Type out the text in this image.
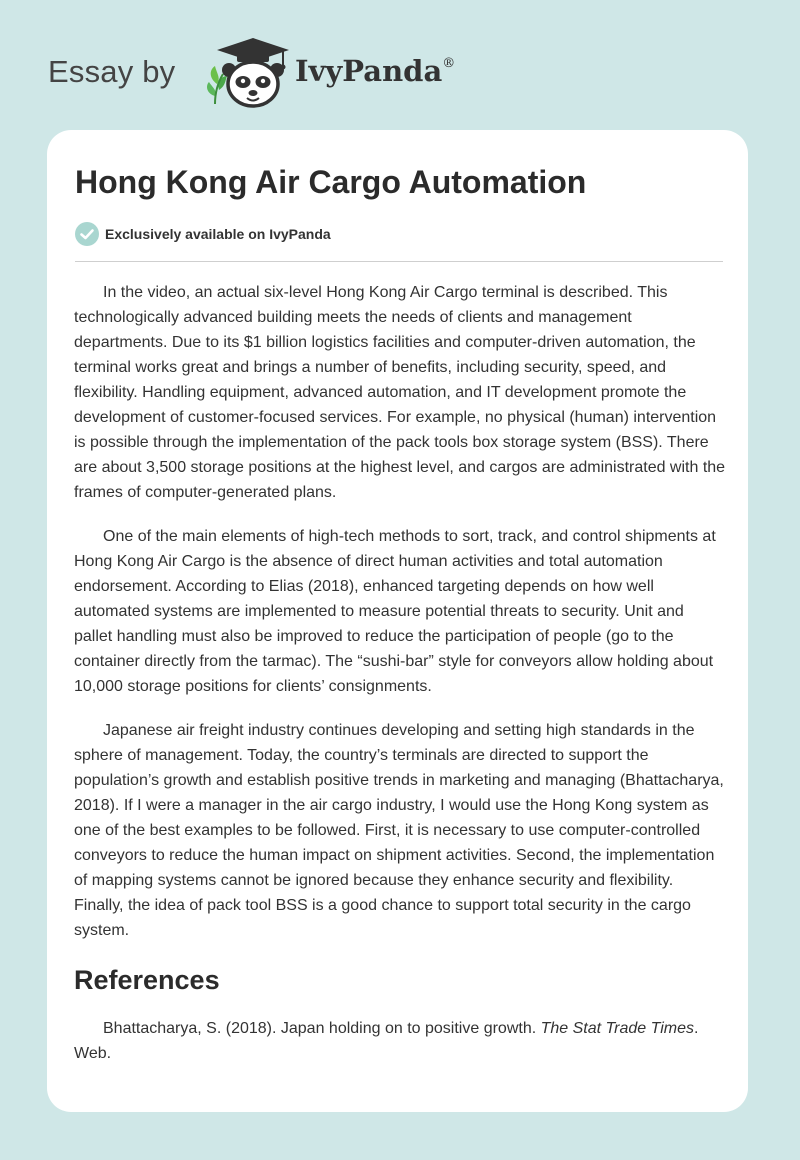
Essay by	IvyPanda®
Hong Kong Air Cargo Automation
Exclusively available on IvyPanda

In the video, an actual six-level Hong Kong Air Cargo terminal is described. This technologically advanced building meets the needs of clients and management departments. Due to its $1 billion logistics facilities and computer-driven automation, the terminal works great and brings a number of benefits, including security, speed, and flexibility. Handling equipment, advanced automation, and IT development promote the development of customer-focused services. For example, no physical (human) intervention is possible through the implementation of the pack tools box storage system (BSS). There are about 3,500 storage positions at the highest level, and cargos are administrated with the frames of computer-generated plans.

One of the main elements of high-tech methods to sort, track, and control shipments at Hong Kong Air Cargo is the absence of direct human activities and total automation endorsement. According to Elias (2018), enhanced targeting depends on how well automated systems are implemented to measure potential threats to security. Unit and pallet handling must also be improved to reduce the participation of people (go to the container directly from the tarmac). The “sushi-bar” style for conveyors allow holding about 10,000 storage positions for clients’ consignments.

Japanese air freight industry continues developing and setting high standards in the sphere of management. Today, the country’s terminals are directed to support the population’s growth and establish positive trends in marketing and managing (Bhattacharya, 2018). If I were a manager in the air cargo industry, I would use the Hong Kong system as one of the best examples to be followed. First, it is necessary to use computer-controlled conveyors to reduce the human impact on shipment activities. Second, the implementation of mapping systems cannot be ignored because they enhance security and flexibility. Finally, the idea of pack tool BSS is a good chance to support total security in the cargo system.

References

Bhattacharya, S. (2018). Japan holding on to positive growth. The Stat Trade Times. Web.
